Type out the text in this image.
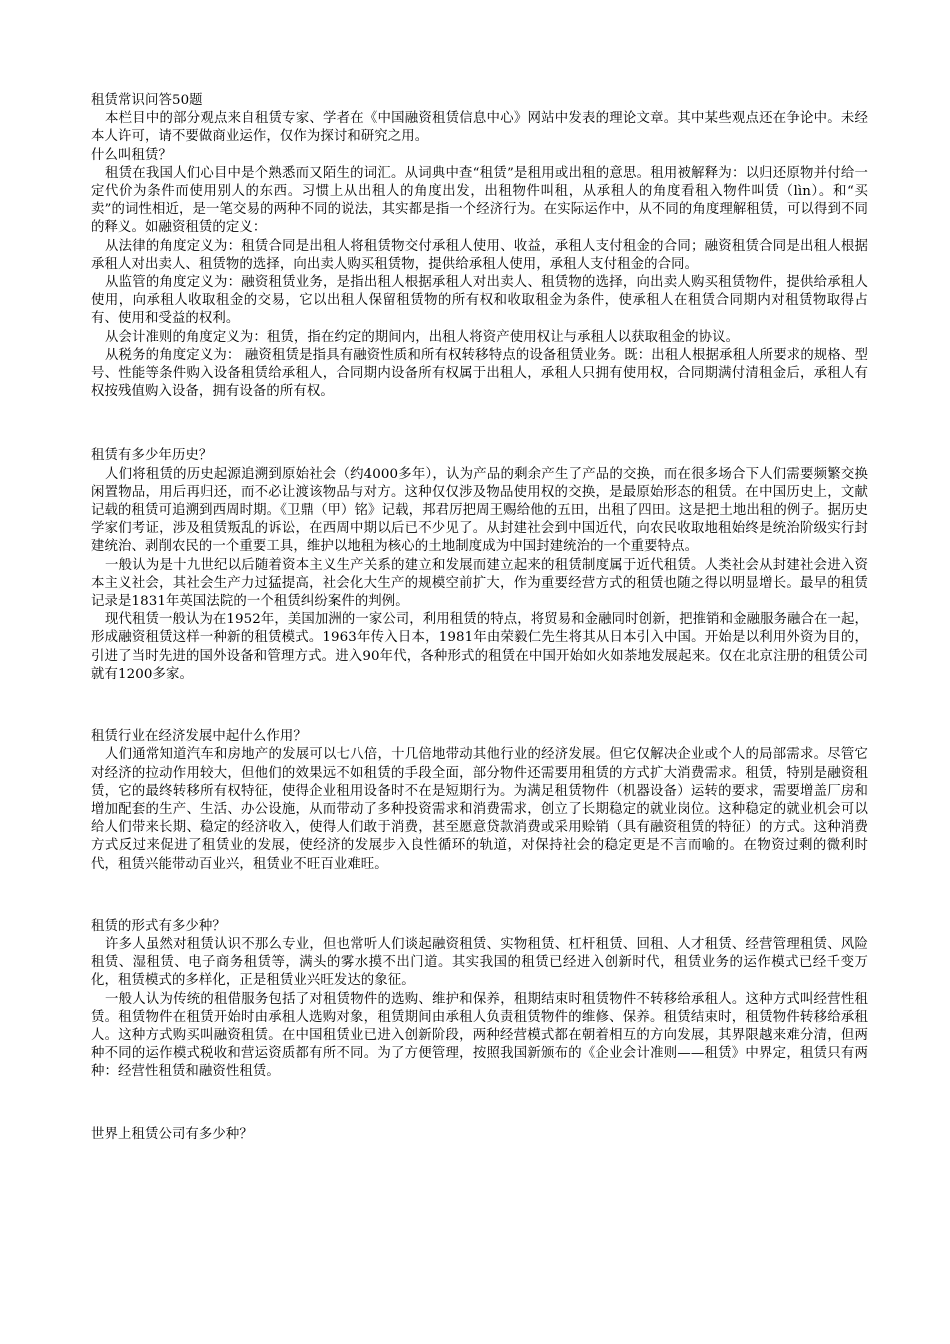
租赁常识问答50题

本栏目中的部分观点来自租赁专家、学者在《中国融资租赁信息中心》网站中发表的理论文章。其中某些观点还在争论中。未经本人许可，请不要做商业运作，仅作为探讨和研究之用。

什么叫租赁？

租赁在我国人们心目中是个熟悉而又陌生的词汇。从词典中查“租赁”是租用或出租的意思。租用被解释为：以归还原物并付给一定代价为条件而使用别人的东西。习惯上从出租人的角度出发，出租物件叫租，从承租人的角度看租入物件叫赁（lìn）。和“买卖”的词性相近，是一笔交易的两种不同的说法，其实都是指一个经济行为。在实际运作中，从不同的角度理解租赁，可以得到不同的释义。如融资租赁的定义：

从法律的角度定义为：租赁合同是出租人将租赁物交付承租人使用、收益，承租人支付租金的合同；融资租赁合同是出租人根据承租人对出卖人、租赁物的选择，向出卖人购买租赁物，提供给承租人使用，承租人支付租金的合同。

从监管的角度定义为：融资租赁业务，是指出租人根据承租人对出卖人、租赁物的选择，向出卖人购买租赁物件，提供给承租人使用，向承租人收取租金的交易，它以出租人保留租赁物的所有权和收取租金为条件，使承租人在租赁合同期内对租赁物取得占有、使用和受益的权利。

从会计准则的角度定义为：租赁，指在约定的期间内，出租人将资产使用权让与承租人以获取租金的协议。

从税务的角度定义为： 融资租赁是指具有融资性质和所有权转移特点的设备租赁业务。既：出租人根据承租人所要求的规格、型号、性能等条件购入设备租赁给承租人，合同期内设备所有权属于出租人，承租人只拥有使用权，合同期满付清租金后，承租人有权按残值购入设备，拥有设备的所有权。

租赁有多少年历史？

人们将租赁的历史起源追溯到原始社会（约4000多年），认为产品的剩余产生了产品的交换，而在很多场合下人们需要频繁交换闲置物品，用后再归还，而不必让渡该物品与对方。这种仅仅涉及物品使用权的交换，是最原始形态的租赁。在中国历史上，文献记载的租赁可追溯到西周时期。《卫鼎（甲）铭》记载，邦君厉把周王赐给他的五田，出租了四田。这是把土地出租的例子。据历史学家们考证，涉及租赁叛乱的诉讼，在西周中期以后已不少见了。从封建社会到中国近代，向农民收取地租始终是统治阶级实行封建统治、剥削农民的一个重要工具，维护以地租为核心的土地制度成为中国封建统治的一个重要特点。

一般认为是十九世纪以后随着资本主义生产关系的建立和发展而建立起来的租赁制度属于近代租赁。人类社会从封建社会进入资本主义社会，其社会生产力过猛提高，社会化大生产的规模空前扩大，作为重要经营方式的租赁也随之得以明显增长。最早的租赁记录是1831年英国法院的一个租赁纠纷案件的判例。

现代租赁一般认为在1952年，美国加洲的一家公司，利用租赁的特点，将贸易和金融同时创新，把推销和金融服务融合在一起，形成融资租赁这样一种新的租赁模式。1963年传入日本，1981年由荣毅仁先生将其从日本引入中国。开始是以利用外资为目的，引进了当时先进的国外设备和管理方式。进入90年代，各种形式的租赁在中国开始如火如荼地发展起来。仅在北京注册的租赁公司就有1200多家。

租赁行业在经济发展中起什么作用？

人们通常知道汽车和房地产的发展可以七八倍，十几倍地带动其他行业的经济发展。但它仅解决企业或个人的局部需求。尽管它对经济的拉动作用较大，但他们的效果远不如租赁的手段全面，部分物件还需要用租赁的方式扩大消费需求。租赁，特别是融资租赁，它的最终转移所有权特征，使得企业租用设备时不在是短期行为。为满足租赁物件（机器设备）运转的要求，需要增盖厂房和增加配套的生产、生活、办公设施，从而带动了多种投资需求和消费需求，创立了长期稳定的就业岗位。这种稳定的就业机会可以给人们带来长期、稳定的经济收入，使得人们敢于消费，甚至愿意贷款消费或采用赊销（具有融资租赁的特征）的方式。这种消费方式反过来促进了租赁业的发展，使经济的发展步入良性循环的轨道，对保持社会的稳定更是不言而喻的。在物资过剩的微利时代，租赁兴能带动百业兴，租赁业不旺百业难旺。

租赁的形式有多少种？

许多人虽然对租赁认识不那么专业，但也常听人们谈起融资租赁、实物租赁、杠杆租赁、回租、人才租赁、经营管理租赁、风险租赁、湿租赁、电子商务租赁等，满头的雾水摸不出门道。其实我国的租赁已经进入创新时代，租赁业务的运作模式已经千变万化，租赁模式的多样化，正是租赁业兴旺发达的象征。

一般人认为传统的租借服务包括了对租赁物件的选购、维护和保养，租期结束时租赁物件不转移给承租人。这种方式叫经营性租赁。租赁物件在租赁开始时由承租人选购对象，租赁期间由承租人负责租赁物件的维修、保养。租赁结束时，租赁物件转移给承租人。这种方式购买叫融资租赁。在中国租赁业已进入创新阶段，两种经营模式都在朝着相互的方向发展，其界限越来难分清，但两种不同的运作模式税收和营运资质都有所不同。为了方便管理，按照我国新颁布的《企业会计准则——租赁》中界定，租赁只有两种：经营性租赁和融资性租赁。

世界上租赁公司有多少种？
